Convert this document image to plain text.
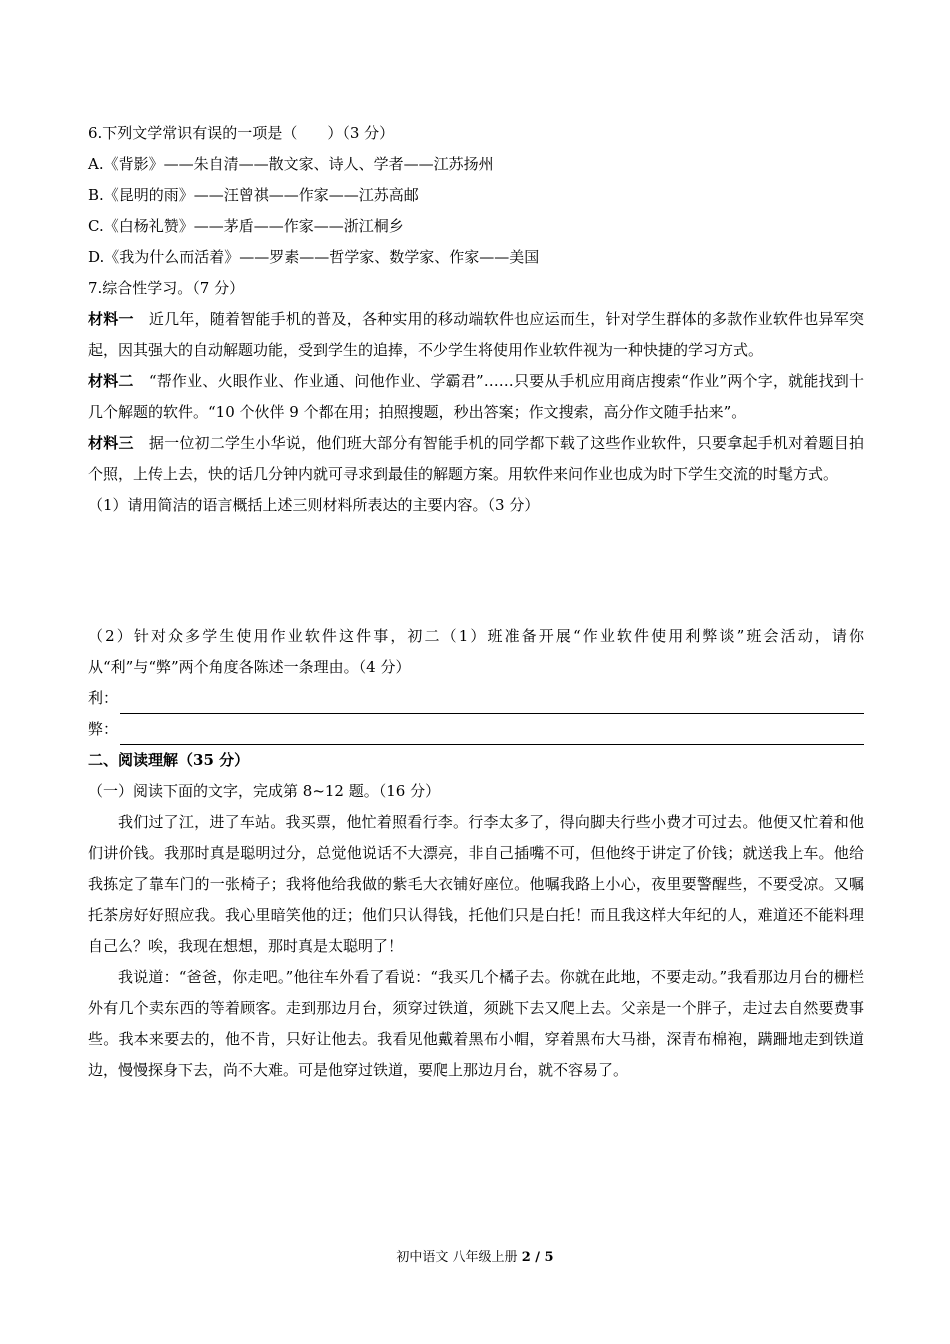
6.下列文学常识有误的一项是（　　）（3 分）

A.《背影》——朱自清——散文家、诗人、学者——江苏扬州

B.《昆明的雨》——汪曾祺——作家——江苏高邮

C.《白杨礼赞》——茅盾——作家——浙江桐乡

D.《我为什么而活着》——罗素——哲学家、数学家、作家——美国

7.综合性学习。（7 分）

材料一　近几年，随着智能手机的普及，各种实用的移动端软件也应运而生，针对学生群体的多款作业软件也异军突起，因其强大的自动解题功能，受到学生的追捧，不少学生将使用作业软件视为一种快捷的学习方式。

材料二　“帮作业、火眼作业、作业通、问他作业、学霸君”……只要从手机应用商店搜索“作业”两个字，就能找到十几个解题的软件。“10 个伙伴 9 个都在用；拍照搜题，秒出答案；作文搜索，高分作文随手拈来”。

材料三　据一位初二学生小华说，他们班大部分有智能手机的同学都下载了这些作业软件，只要拿起手机对着题目拍个照，上传上去，快的话几分钟内就可寻求到最佳的解题方案。用软件来问作业也成为时下学生交流的时髦方式。

（1）请用简洁的语言概括上述三则材料所表达的主要内容。（3 分）

（2）针对众多学生使用作业软件这件事，初二（1）班准备开展“作业软件使用利弊谈”班会活动，请你从“利”与“弊”两个角度各陈述一条理由。（4 分）

利：
弊：

二、阅读理解（35 分）

（一）阅读下面的文字，完成第 8~12 题。（16 分）

我们过了江，进了车站。我买票，他忙着照看行李。行李太多了，得向脚夫行些小费才可过去。他便又忙着和他们讲价钱。我那时真是聪明过分，总觉他说话不大漂亮，非自己插嘴不可，但他终于讲定了价钱；就送我上车。他给我拣定了靠车门的一张椅子；我将他给我做的紫毛大衣铺好座位。他嘱我路上小心，夜里要警醒些，不要受凉。又嘱托茶房好好照应我。我心里暗笑他的迂；他们只认得钱，托他们只是白托！而且我这样大年纪的人，难道还不能料理自己么？唉，我现在想想，那时真是太聪明了！

我说道：“爸爸，你走吧。”他往车外看了看说：“我买几个橘子去。你就在此地，不要走动。”我看那边月台的栅栏外有几个卖东西的等着顾客。走到那边月台，须穿过铁道，须跳下去又爬上去。父亲是一个胖子，走过去自然要费事些。我本来要去的，他不肯，只好让他去。我看见他戴着黑布小帽，穿着黑布大马褂，深青布棉袍，蹒跚地走到铁道边，慢慢探身下去，尚不大难。可是他穿过铁道，要爬上那边月台，就不容易了。

初中语文 八年级上册 2 / 5
